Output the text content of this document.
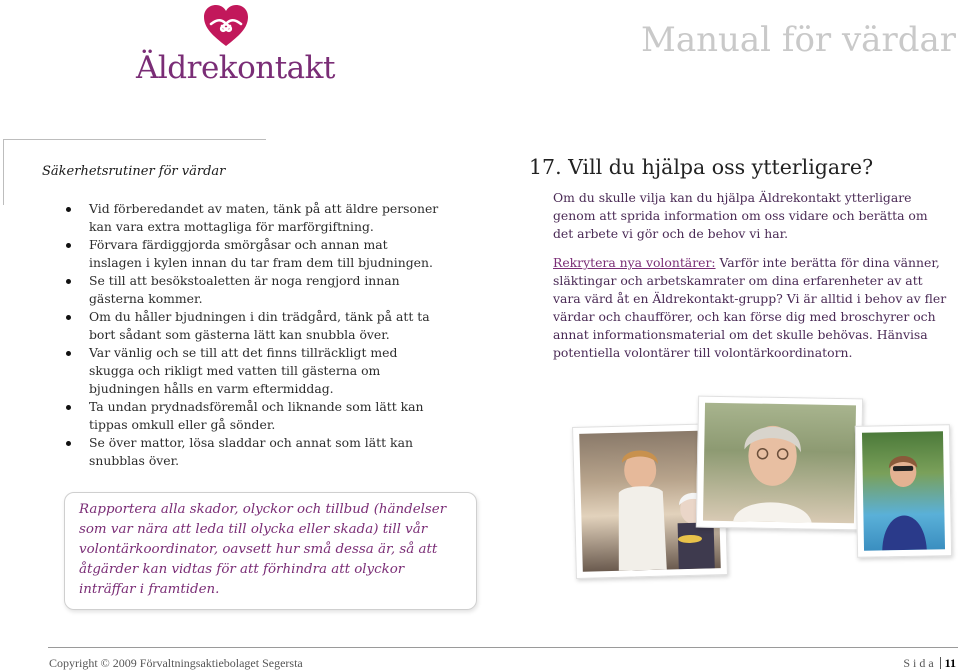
Äldrekontakt
Manual för värdar
Säkerhetsrutiner för värdar
Vid förberedandet av maten, tänk på att äldre personer kan vara extra mottagliga för marförgiftning.
Förvara färdiggjorda smörgåsar och annan mat inslagen i kylen innan du tar fram dem till bjudningen.
Se till att besökstoaletten är noga rengjord innan gästerna kommer.
Om du håller bjudningen i din trädgård, tänk på att ta bort sådant som gästerna lätt kan snubbla över.
Var vänlig och se till att det finns tillräckligt med skugga och rikligt med vatten till gästerna om bjudningen hålls en varm eftermiddag.
Ta undan prydnadsföremål och liknande som lätt kan tippas omkull eller gå sönder.
Se över mattor, lösa sladdar och annat som lätt kan snubblas över.
Rapportera alla skador, olyckor och tillbud (händelser som var nära att leda till olycka eller skada) till vår volontärkoordinator, oavsett hur små dessa är, så att åtgärder kan vidtas för att förhindra att olyckor inträffar i framtiden.
17. Vill du hjälpa oss ytterligare?
Om du skulle vilja kan du hjälpa Äldrekontakt ytterligare genom att sprida information om oss vidare och berätta om det arbete vi gör och de behov vi har.
Rekrytera nya volontärer: Varför inte berätta för dina vänner, släktingar och arbetskamrater om dina erfarenheter av att vara värd åt en Äldrekontakt-grupp? Vi är alltid i behov av fler värdar och chaufförer, och kan förse dig med broschyrer och annat informationsmaterial om det skulle behövas. Hänvisa potentiella volontärer till volontärkoordinatorn.
Copyright © 2009 Förvaltningsaktiebolaget Segersta	S i d a 11
